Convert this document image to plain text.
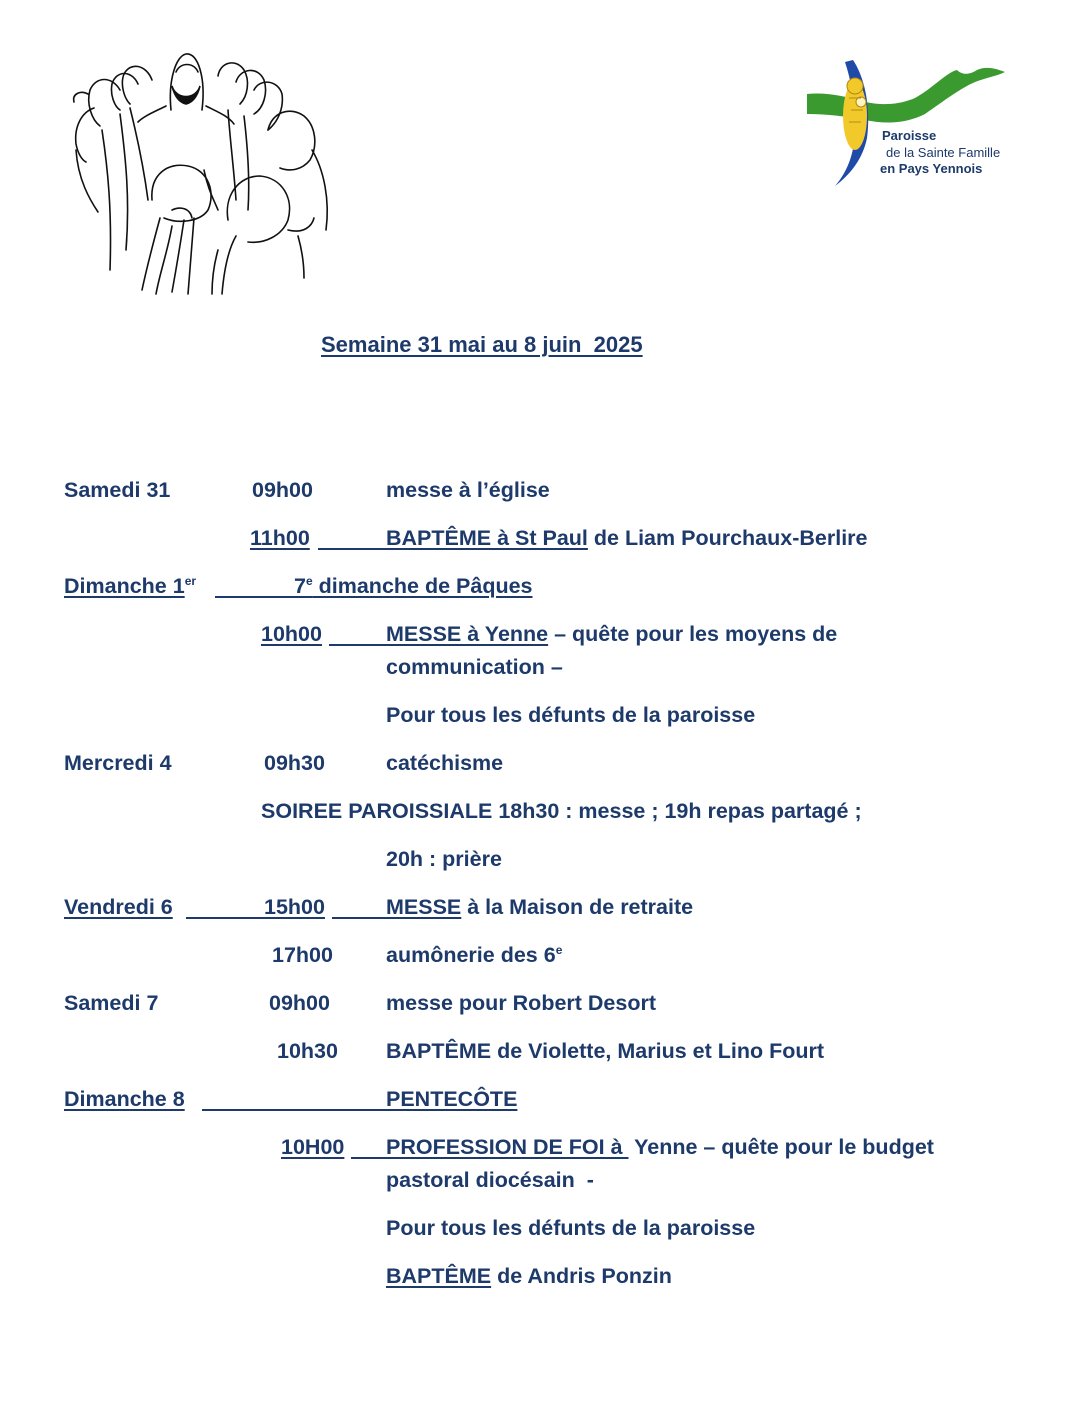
Paroisse
de la Sainte Famille
en Pays Yennois
Semaine 31 mai au 8 juin  2025
Samedi 31	09h00	messe à l’église
11h00	BAPTÊME à St Paul de Liam Pourchaux-Berlire
Dimanche 1er	7e dimanche de Pâques
10h00	MESSE à Yenne – quête pour les moyens de
communication –
Pour tous les défunts de la paroisse
Mercredi 4	09h30	catéchisme
SOIREE PAROISSIALE 18h30 : messe ; 19h repas partagé ;
20h : prière
Vendredi 6	15h00	MESSE à la Maison de retraite
17h00 aumônerie des 6e
Samedi 7	09h00	messe pour Robert Desort
10h30 BAPTÊME de Violette, Marius et Lino Fourt
Dimanche 8	PENTECÔTE
10H00 PROFESSION DE FOI à  Yenne – quête pour le budget
pastoral diocésain  -
Pour tous les défunts de la paroisse
BAPTÊME de Andris Ponzin
